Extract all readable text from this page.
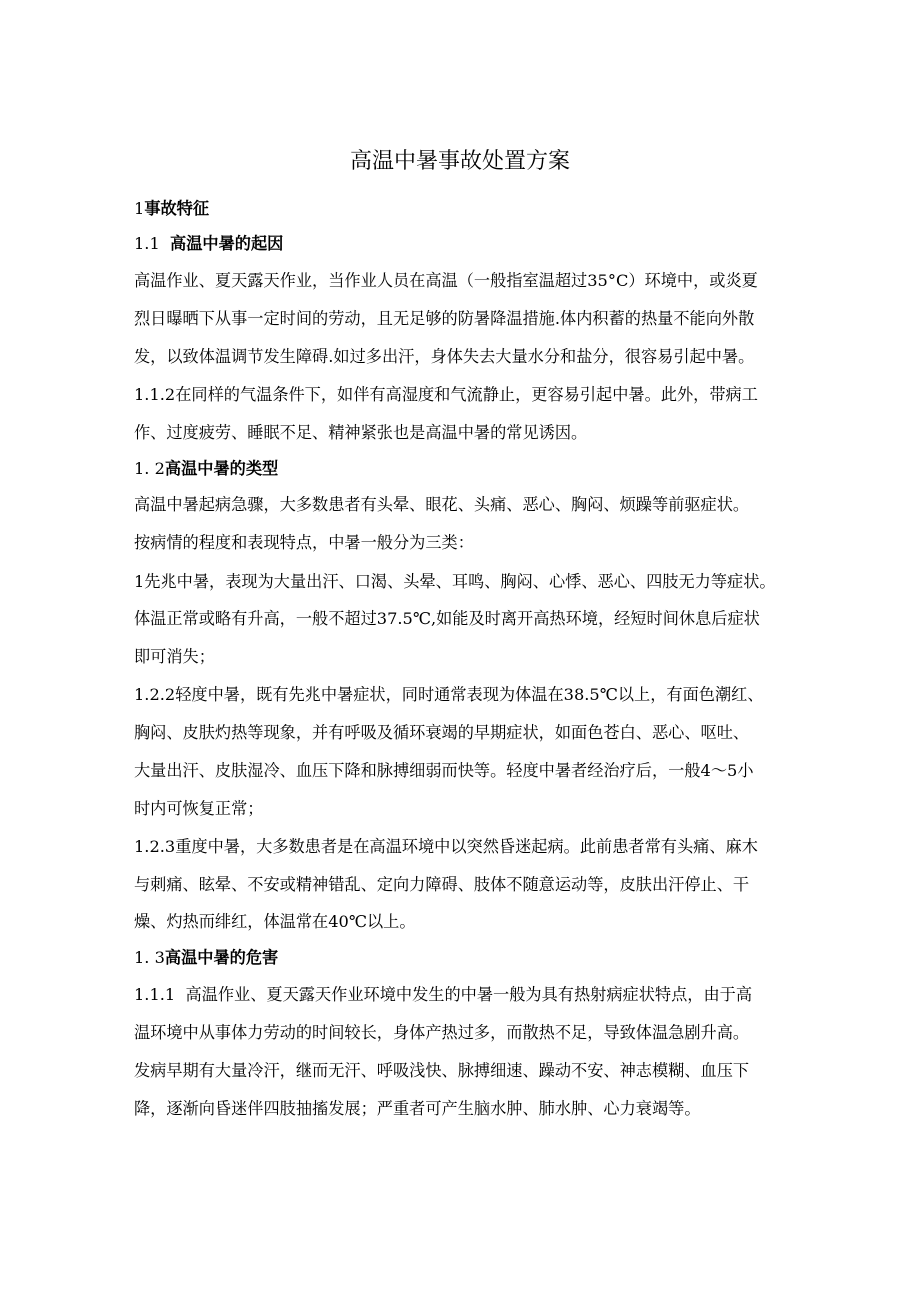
高温中暑事故处置方案
1事故特征
1.1  高温中暑的起因
高温作业、夏天露天作业，当作业人员在高温（一般指室温超过35°C）环境中，或炎夏
烈日曝晒下从事一定时间的劳动，且无足够的防暑降温措施.体内积蓄的热量不能向外散
发，以致体温调节发生障碍.如过多出汗，身体失去大量水分和盐分，很容易引起中暑。
1.1.2在同样的气温条件下，如伴有高湿度和气流静止，更容易引起中暑。此外，带病工
作、过度疲劳、睡眠不足、精神紧张也是高温中暑的常见诱因。
1. 2高温中暑的类型
高温中暑起病急骤，大多数患者有头晕、眼花、头痛、恶心、胸闷、烦躁等前驱症状。
按病情的程度和表现特点，中暑一般分为三类：
1先兆中暑，表现为大量出汗、口渴、头晕、耳鸣、胸闷、心悸、恶心、四肢无力等症状。
体温正常或略有升高，一般不超过37.5℃,如能及时离开高热环境，经短时间休息后症状
即可消失；
1.2.2轻度中暑，既有先兆中暑症状，同时通常表现为体温在38.5℃以上，有面色潮红、
胸闷、皮肤灼热等现象，并有呼吸及循环衰竭的早期症状，如面色苍白、恶心、呕吐、
大量出汗、皮肤湿冷、血压下降和脉搏细弱而快等。轻度中暑者经治疗后，一般4～5小
时内可恢复正常；
1.2.3重度中暑，大多数患者是在高温环境中以突然昏迷起病。此前患者常有头痛、麻木
与刺痛、眩晕、不安或精神错乱、定向力障碍、肢体不随意运动等，皮肤出汗停止、干
燥、灼热而绯红，体温常在40℃以上。
1. 3高温中暑的危害
1.1.1  高温作业、夏天露天作业环境中发生的中暑一般为具有热射病症状特点，由于高
温环境中从事体力劳动的时间较长，身体产热过多，而散热不足，导致体温急剧升高。
发病早期有大量冷汗，继而无汗、呼吸浅快、脉搏细速、躁动不安、神志模糊、血压下
降，逐渐向昏迷伴四肢抽搐发展；严重者可产生脑水肿、肺水肿、心力衰竭等。
